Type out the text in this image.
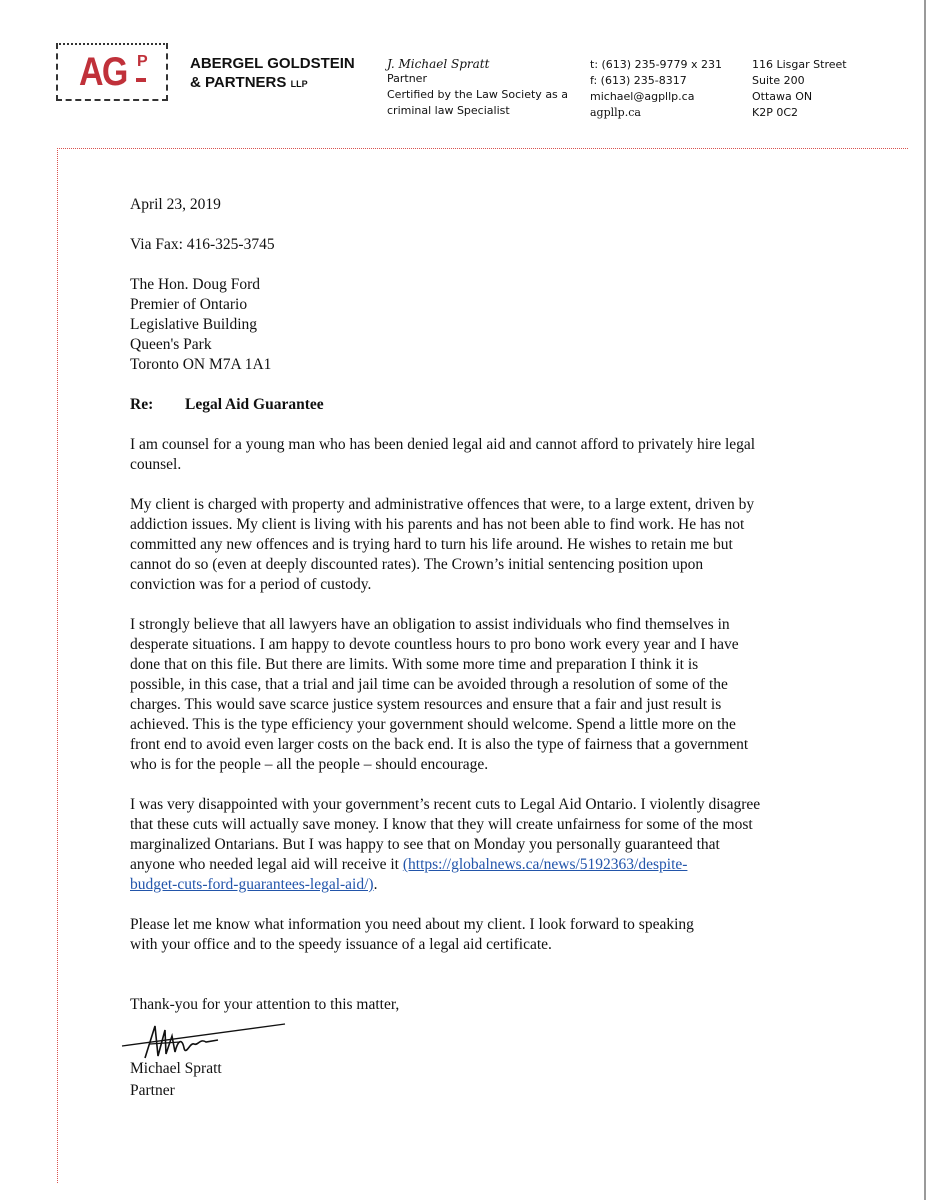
AG P	ABERGEL GOLDSTEIN
& PARTNERS LLP
J. Michael Spratt
Partner
Certified by the Law Society as a
criminal law Specialist
t: (613) 235-9779 x 231
f: (613) 235-8317
michael@agpllp.ca
agpllp.ca
116 Lisgar Street
Suite 200
Ottawa ON
K2P 0C2

April 23, 2019

Via Fax: 416-325-3745

The Hon. Doug Ford
Premier of Ontario
Legislative Building
Queen's Park
Toronto ON M7A 1A1

Re: Legal Aid Guarantee

I am counsel for a young man who has been denied legal aid and cannot afford to privately hire legal
counsel.

My client is charged with property and administrative offences that were, to a large extent, driven by
addiction issues. My client is living with his parents and has not been able to find work. He has not
committed any new offences and is trying hard to turn his life around. He wishes to retain me but
cannot do so (even at deeply discounted rates). The Crown’s initial sentencing position upon
conviction was for a period of custody.

I strongly believe that all lawyers have an obligation to assist individuals who find themselves in
desperate situations. I am happy to devote countless hours to pro bono work every year and I have
done that on this file. But there are limits. With some more time and preparation I think it is
possible, in this case, that a trial and jail time can be avoided through a resolution of some of the
charges. This would save scarce justice system resources and ensure that a fair and just result is
achieved. This is the type efficiency your government should welcome. Spend a little more on the
front end to avoid even larger costs on the back end. It is also the type of fairness that a government
who is for the people – all the people – should encourage.

I was very disappointed with your government’s recent cuts to Legal Aid Ontario. I violently disagree
that these cuts will actually save money. I know that they will create unfairness for some of the most
marginalized Ontarians. But I was happy to see that on Monday you personally guaranteed that
anyone who needed legal aid will receive it (https://globalnews.ca/news/5192363/despite-
budget-cuts-ford-guarantees-legal-aid/).

Please let me know what information you need about my client. I look forward to speaking
with your office and to the speedy issuance of a legal aid certificate.

Thank-you for your attention to this matter,
Michael Spratt
Partner
